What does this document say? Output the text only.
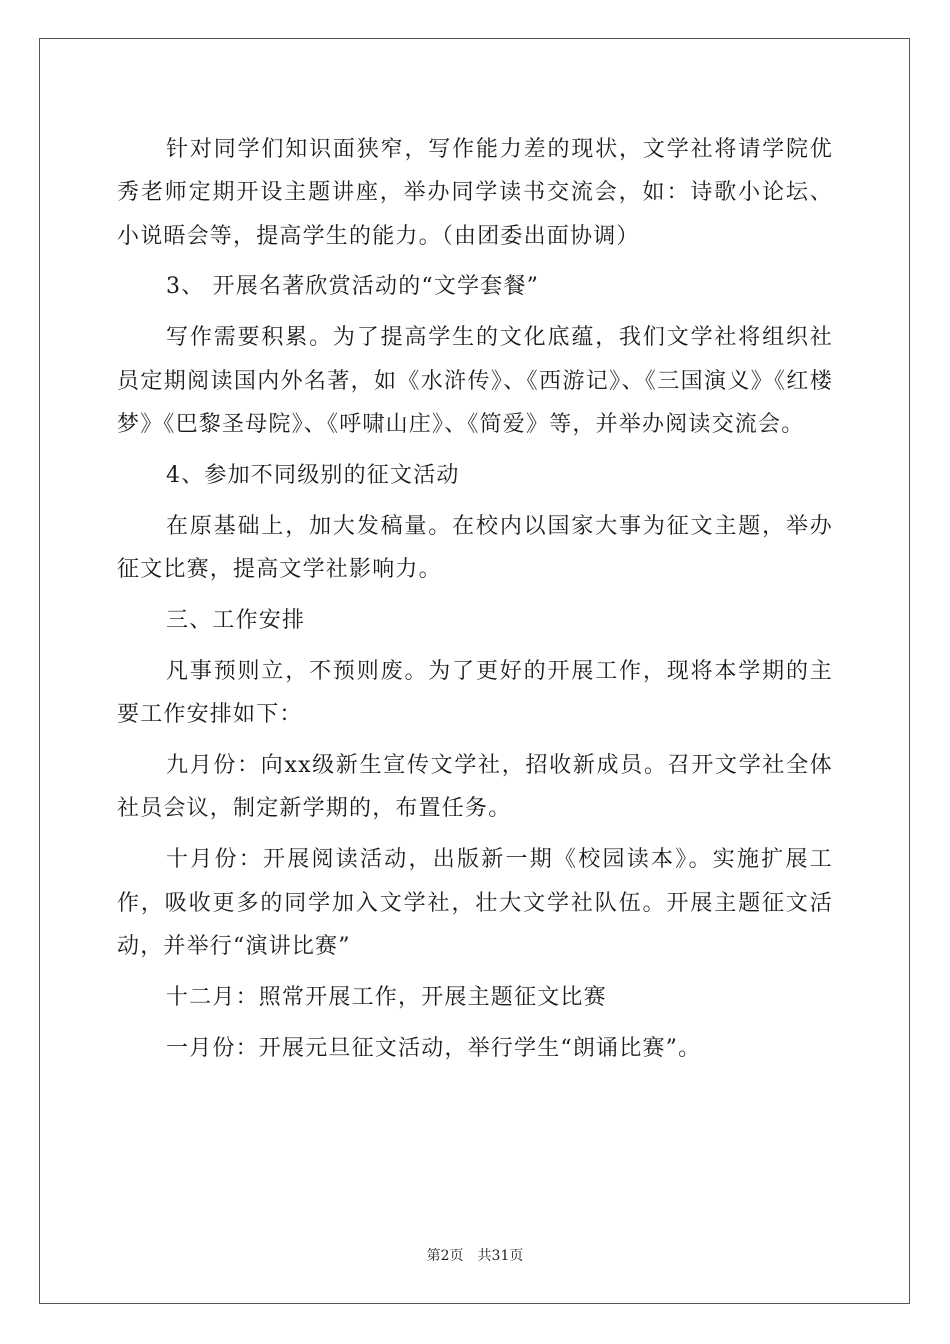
针对同学们知识面狭窄，写作能力差的现状，文学社将请学院优秀老师定期开设主题讲座，举办同学读书交流会，如：诗歌小论坛、小说晤会等，提高学生的能力。（由团委出面协调）

3、 开展名著欣赏活动的“文学套餐”

写作需要积累。为了提高学生的文化底蕴，我们文学社将组织社员定期阅读国内外名著，如《水浒传》、《西游记》、《三国演义》《红楼梦》《巴黎圣母院》、《呼啸山庄》、《简爱》等，并举办阅读交流会。

4、参加不同级别的征文活动

在原基础上，加大发稿量。在校内以国家大事为征文主题，举办征文比赛，提高文学社影响力。

三、工作安排

凡事预则立，不预则废。为了更好的开展工作，现将本学期的主要工作安排如下：

九月份：向xx级新生宣传文学社，招收新成员。召开文学社全体社员会议，制定新学期的，布置任务。

十月份：开展阅读活动，出版新一期《校园读本》。实施扩展工作，吸收更多的同学加入文学社，壮大文学社队伍。开展主题征文活动，并举行“演讲比赛”

十二月：照常开展工作，开展主题征文比赛

一月份：开展元旦征文活动，举行学生“朗诵比赛”。

第2页 共31页
